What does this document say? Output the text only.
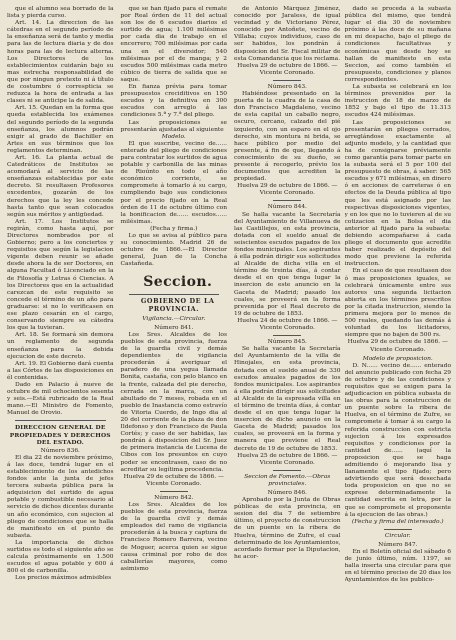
que el alumno sea borrado de la lista y pierda curso.

Art. 14. La direccion de las cátedras en el segundo período de la enseñanza será de tanto y media para las de lectura diaria y de dos horas para las de lectura alterna. Los Directores de los establecimientos cuidarán bajo su mas estrecha responsabilidad de que por ningun pretexto ni á título de costumbre ó correspticia se reduzca la hora de entrada a las clases ni se anticipe la de salida.

Art. 15. Quedan en la forma que queda establecida los exámenes del segundo período de la segunda enseñanza, los alumnos podrán exigir al grado de Bachiller en Artes en sus términos que los reglamentos determinan.

Art. 16. La planta actual de Catedráticos de Institutos se acomodará al servicio de las enseñanzas establecidas por este decreto. Si resultasen Profesores excedentes, gozarán de los derechos que la ley les concede hasta tanto que sean colocados según sus méritos y antigüedad.

Art. 17. Los Institutos se regirán, como hasta aquí, por Directores nombrados por el Gobierno; pero a los conciertos y requisitos que según la legislacion vigente deben reunir se añade desde ahora la de ser Doctores, en alguna Facultad ó Licenciado en la de Filosofía y Letras ó Ciencias. A los Directores que en la actualidad carezcan de este requisito se concede el término de un año para graduarse: si no lo verificasen en ese plazo cesarán en el cargo, conservando siempre su cátedra los que la tuvieran.

Art. 18. Se formará sin demora un reglamento de segunda enseñanza para la debida ejecucion de este decreto.

Art. 19. El Gobierno dará cuenta a las Córtes de las disposiciones en él contenidas.

Dado en Palacio á nueve de octubre de mil ochocientos sesenta y seis.—Está rubricado de la Real mano.—El Ministro de Fomento, Manuel de Orovio.

DIRECCION GENERAL DE PROPIEDADES Y DERECHOS DEL ESTADO.

Número 836.

El dia 22 de noviembre próximo, á las doce, tendrá lugar en el establecimiento de los antedichos fondos ante la junta de jefes tercera subasta pública para la adquisicion del surtido de agua potable y combustible necesario al servicio de dichos dicentes durante un año económico, con sujecion al pliego de condiciones que se halla de manifiesto en el punto de subasta.

La importancia de dichos surtidos es todo el siguiente año se calcula próximamente en 1.500 escudos el agua potable y 600 á 800 el de carbonilla.

Los precios máximos admisibles

que se han fijado para el remate por Real órden de 11 del actual son los de 6 escudos diarios el surtido de agua; 1.100 milésimas por cada dia de trabajo en el encerrero; 700 milésimas por cada una en el diversidor; 540 milésimas por el de manga; y 2 escudos 500 milésimas cada metro cúbico de tierra de salida que se saque.

En fianza prévia para tomar presupuestos creciditivos en 150 escudos y la definitiva en 300 escudos con arreglo á las condiciones 5.ª y 7.ª del pliego.

Las proposiciones se presentarán ajustadas al siguiente

Modelo.

El que suscribe, vecino de...... enterado del pliego de condiciones para contratar los surtidos de agua potable y carbonilla de las minas de Rioúnto en todo el año económico corriente, se compromete á tomarlo á su cargo, cumpliendo bajo sus condiciones por el precio fijado en la Real órden de 11 de octubre último con la bonificacion de...... escudos...... milésimas.

(Fecha y firma.)

Lo que se avisa al público para su conocimiento. Madrid 26 de octubre de 1866.—El Director general, Juan de la Concha Castañeda.

Seccion.

GOBIERNO DE LA PROVINCIA.

Vigilancia.—Circular.

Número 841.

Los Sres. Alcaldes de los pueblos de esta provincia, fuerza de la guardia civil y demás dependientes de vigilancia procederán á averiguar el paradero de una yegua llamada Bonita, castaña, con pelo blanco en la frente, calzada del pie derecho, cerrada en la marca, con un abultado de 7 meses, robada en el pueblo de Inastancia como estravío de Vitoria Cuerdo, de Ingo dia al 20 del corriente de la plaza de don Ildefonso y don Francisco de Paula Cortés; y caso de ser habidas, las pondrán á disposicion del Sr. Juez de primera instancia de Lucena de Cibos con los presuntos en cuyo poder se encontrasen, caso de no acreditar su legítima procedencia.

Huelva 29 de octubre de 1866. —Vicente Coronado.

Número 842.

Los Sres. Alcaldes de los pueblos de esta provincia, fuerza de la guardia civil y demás empleados del ramo de vigilancia procederán á la busca y captura de Francisco Romero Barrera, vecino de Moguer, acerca quien se sigue causa criminal por robo de dos caballerías mayores, como asimismo

de Antonio Márquez Jiménez, conocido por Jaraless, de igual vecindad y de Victoriano Pérez, conocido por Antoñete, vecino de Villaba; cuyos individuos, caso de ser habidos, los pondrán á disposicion del Sr. Fiscal militar de esta Comandancia que los reclama.

Huelva 29 de octubre de 1866. —Vicente Coronado.

Número 843.

Habiéndose presentado en la puerta de la cuadra de la casa de don Francisco Magdaleno, vecino de esta capital un caballo negro, oscuro, cercano, calzado del pié izquierdo, con un esparo en el ojo derecho, sin montura ni brida, se hace público por medio del presente, á fin de que, llegando á conocimiento de su dueño, se presente á recogerlo, prévio los documentos que acrediten la propiedad.

Huelva 29 de octubre de 1866. —Vicente Coronado.

Número 844.

Se halla vacante la Secretaría del Ayuntamiento de Villanueva de las Castillejos, en esta provincia, dotada con el sueldo anual de seiscientos escudos pagados de los fondos municipales. Los aspirantes á ella podrán dirigir sus solicitudes al Alcalde de dicha villa en el término de treinta días, á contar desde el en que tenga lugar la insercion de este anuncio en la Gaceta de Madrid; pasado los cuales, se proveerá en la forma prevenida por el Real decreto de 19 de octubre de 1853.

Huelva 24 de octubre de 1866. —Vicente Coronado.

Número 845.

Se halla vacante la Secretaría del Ayuntamiento de la villa de Hinojales, en esta provincia, dotada con el sueldo anual de 330 escudos anuales pagados de los fondos municipales. Los aspirantes á ella podrán dirigir sus solicitudes al Alcalde de la espresada villa en el término de treinta días, á contar desde el en que tenga lugar la insercion de dicho anuncio en la Gaceta de Madrid; pasados los cuales, se proveerá en la forma y manera que previene el Real decreto de 19 de octubre de 1853.

Huelva 25 de octubre de 1866. —Vicente Coronado.

Seccion de Fomento.—Obras provinciales.

Número 846.

Aprobado por la Junta de Obras públicas de esta provincia, en sesion del dia 7 de setiembre último, el proyecto de construccion de un puente en la ribera de Huelva, término de Zufre, el cual determinado de los Ayuntamientos, acordado formar por la Diputacion, he acor-

dado se proceda á la subasta pública del mismo, que tendrá lugar el dia 30 de noviembre próximo á las doce de su mañana en mi despacho, bajo el pliego de condiciones facultativas y económicas que desde hoy se hallan de manifiesto en esta Seccion, así como también el presupuesto, condiciones y planos correspondientes.

La subasta se celebrará en los términos prevenidos por la instruccion de 18 de marzo de 1852 y bajo el tipo de 11.313 escudos 424 milésimas.

Las proposiciones se presentarán en pliegos cerrados, arreglándose exactamente al adjunto modelo, y la cantidad que ha de consignarse préviamente como garantía para tomar parte en la subasta será el 5 por 100 del presupuesto de obras, á saber: 565 escudos y 671 milésimas, en dinero ó en acciones de carreteras ó en efectos de la Deuda pública al tipo que les está asignado por las respectivas disposiciones vigentes, y en los que no lo tuvieren al de su cotizacion en la Bolsa el dia anterior al fijado para la subasta: debiendo acompañarse á cada pliego el documento que acredite haber realizado el depósito del modo que previene la referida instruccion.

En el caso de que resultasen dos ó mas proposiciones iguales, se celebrará únicamente entre sus autores una segunda licitacion abierta en los términos prescritos por la citada instruccion, siendo la primera mejora por lo menos de 500 reales, quedando las demás á voluntad de los licitadores, siempre que no bajen de 500 rs.

Huelva 29 de octubre de 1866. —Vicente Coronado.

Modelo de proposicion.

D. N...... vecino de...... enterado del anuncio publicado con fecha 29 de octubre y de las condiciones y requisitos que se exigen para la adjudicacion en pública subasta de las obras para la construccion de un puente sobre la ribera de Huelva, en el término de Zufre, se compromete á tomar á su cargo la referida construccion con estricta sujecion á los expresados requisitos y condiciones por la cantidad de...... (aquí la proposicion que se haga admitiendo ó mejorando lisa y llanamente el tipo fijado; pero advirtiendo que será desechada toda proposicion en que no se exprese determinadamente la cantidad escrita en letra, por la que se compromete el proponente á la ejecucion de las obras.)

(Fecha y firma del interesado.)

Circular.

Número 847.

En el Boletín oficial del sábado 6 de junio último, núm. 1197, se halla inserta una circular para que en el término preciso de 20 dias los Ayuntamientos de los publico-
